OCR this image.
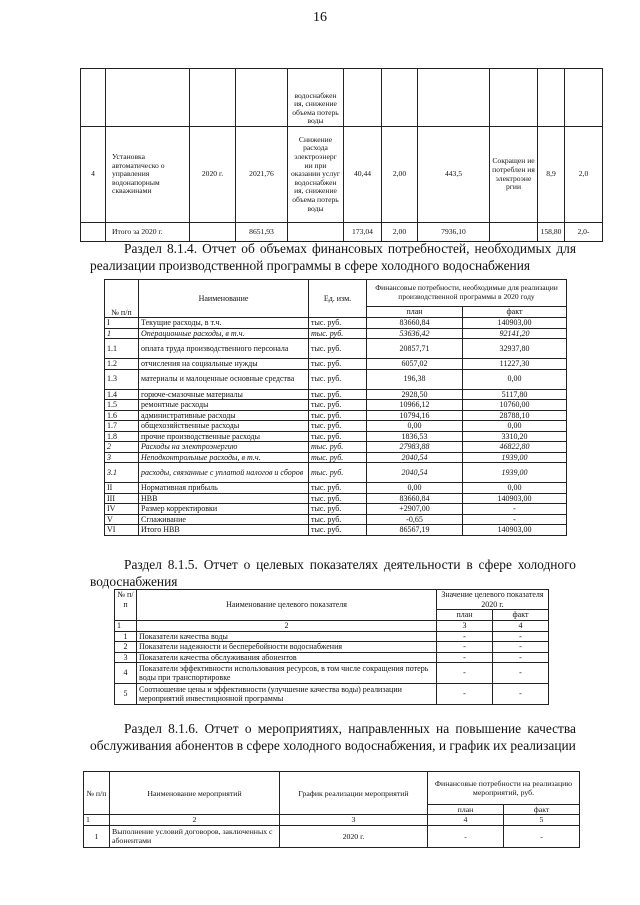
16
				водоснабжен ия, снижение объема потерь воды						
4	Установка автоматическо о управления водонапорным скважинами	2020 г.	2021,76	Снижение расхода электроэнерг ии при оказании услуг водоснабжен ия, снижение объема потерь воды	40,44	2,00	443,5	Сокращен ие потреблен ия электроэне ргии	8,9	2,0
	Итого за 2020 г.		8651,93		173,04	2,00	7936,10		158,80	2,0-
Раздел 8.1.4. Отчет об объемах финансовых потребностей, необходимых для реализации производственной программы в сфере холодного водоснабжения
№ п/п	Наименование	Ед. изм.	Финансовые потребности, необходимые для реализации производственной программы в 2020 году	
			план	факт
I	Текущие расходы, в т.ч.	тыс. руб.	83660,84	140903,00
1	Операционные расходы, в т.ч.	тыс. руб.	53636,42	92141,20
1.1	оплата труда производственного персонала	тыс. руб.	20857,71	32937,80
1.2	отчисления на социальные нужды	тыс. руб.	6057,02	11227,30
1.3	материалы и малоценные основные средства	тыс. руб.	196,38	0,00
1.4	горюче-смазочные материалы	тыс. руб.	2928,50	5117,80
1.5	ремонтные расходы	тыс. руб.	10966,12	10760,00
1.6	административные расходы	тыс. руб.	10794,16	28788,10
1.7	общехозяйственные расходы	тыс. руб.	0,00	0,00
1.8	прочие производственные расходы	тыс. руб.	1836,53	3310,20
2	Расходы на электроэнергию	тыс. руб.	27983,88	46822,80
3	Неподконтрольные расходы, в т.ч.	тыс. руб.	2040,54	1939,00
3.1	расходы, связанные с уплатой налогов и сборов	тыс. руб.	2040,54	1939,00
II	Нормативная прибыль	тыс. руб.	0,00	0,00
III	НВВ	тыс. руб.	83660,84	140903,00
IV	Размер корректировки	тыс. руб.	+2907,00	-
V	Сглаживание	тыс. руб.	-0,65	-
VI	Итого НВВ	тыс. руб.	86567,19	140903,00
Раздел 8.1.5. Отчет о целевых показателях деятельности в сфере холодного водоснабжения
№ п/п	Наименование целевого показателя	Значение целевого показателя 2020 г.	
		план	факт
1	2	3	4
1	Показатели качества воды	-	-
2	Показатели надежности и бесперебойности водоснабжения	-	-
3	Показатели качества обслуживания абонентов	-	-
4	Показатели эффективности использования ресурсов, в том числе сокращения потерь воды при транспортировке	-	-
5	Соотношение цены и эффективности (улучшение качества воды) реализации мероприятий инвестиционной программы	-	-
Раздел 8.1.6. Отчет о мероприятиях, направленных на повышение качества обслуживания абонентов в сфере холодного водоснабжения, и график их реализации
№ п/п	Наименование мероприятий	График реализации мероприятий	Финансовые потребности на реализацию мероприятий, руб.	
			план	факт
1	2	3	4	5
1	Выполнение условий договоров, заключенных с абонентами	2020 г.	-	-
